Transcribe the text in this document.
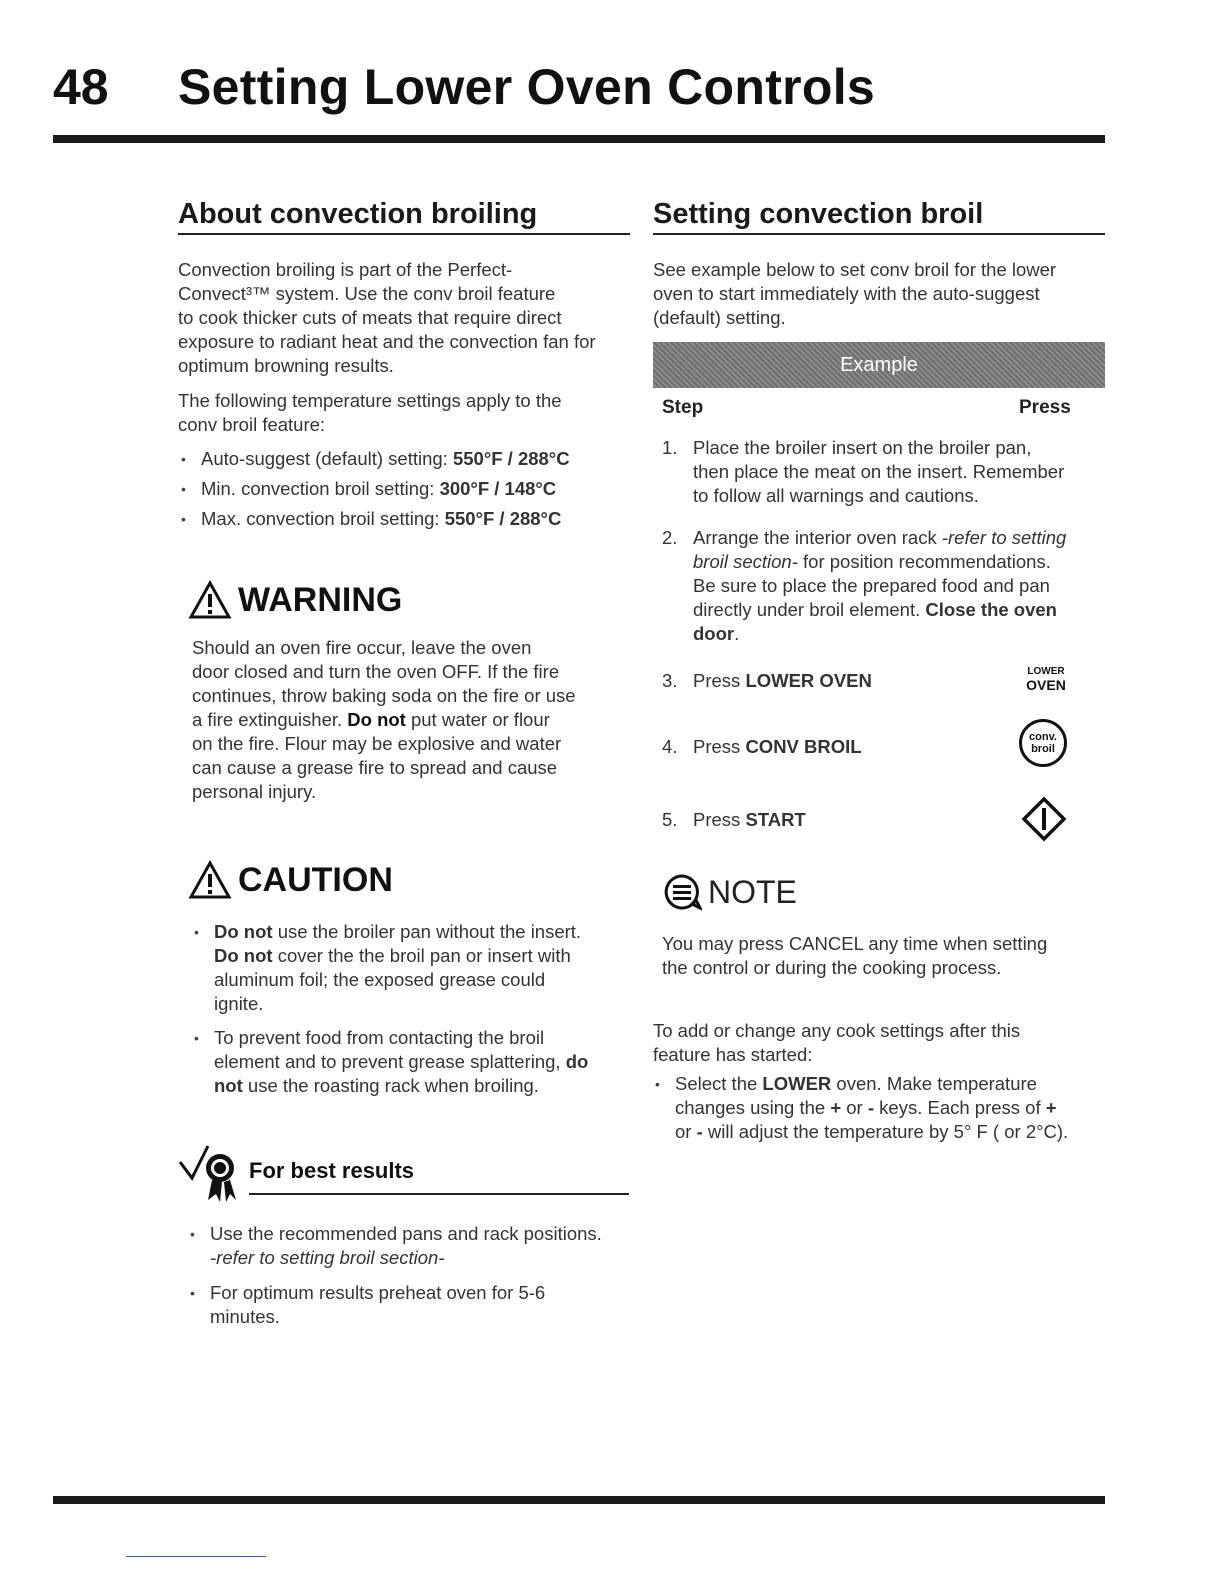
48 Setting Lower Oven Controls
About convection broiling

Convection broiling is part of the Perfect-

Convect³™ system. Use the conv broil feature

to cook thicker cuts of meats that require direct

exposure to radiant heat and the convection fan for

optimum browning results.

The following temperature settings apply to the

conv broil feature:

• Auto-suggest (default) setting: 550°F / 288°C
• Min. convection broil setting: 300°F / 148°C
• Max. convection broil setting: 550°F / 288°C
WARNING

Should an oven fire occur, leave the oven

door closed and turn the oven OFF. If the fire

continues, throw baking soda on the fire or use

a fire extinguisher. Do not put water or flour

on the fire. Flour may be explosive and water

can cause a grease fire to spread and cause

personal injury.

CAUTION
• Do not use the broiler pan without the insert.
Do not cover the the broil pan or insert with
aluminum foil; the exposed grease could
ignite.
• To prevent food from contacting the broil
element and to prevent grease splattering, do
not use the roasting rack when broiling.
For best results
• Use the recommended pans and rack positions.
-refer to setting broil section-
• For optimum results preheat oven for 5-6
minutes.
Setting convection broil

See example below to set conv broil for the lower

oven to start immediately with the auto-suggest

(default) setting.

Example
Step	Press
1. Place the broiler insert on the broiler pan,
then place the meat on the insert. Remember
to follow all warnings and cautions.
2. Arrange the interior oven rack -refer to setting
broil section- for position recommendations.
Be sure to place the prepared food and pan
directly under broil element. Close the oven
door.
3. Press LOWER OVEN	LOWER
OVEN
4. Press CONV BROIL	conv.
broil
5. Press START
NOTE

You may press CANCEL any time when setting

the control or during the cooking process.

To add or change any cook settings after this

feature has started:

• Select the LOWER oven. Make temperature
changes using the + or - keys. Each press of +
or - will adjust the temperature by 5° F ( or 2°C).
